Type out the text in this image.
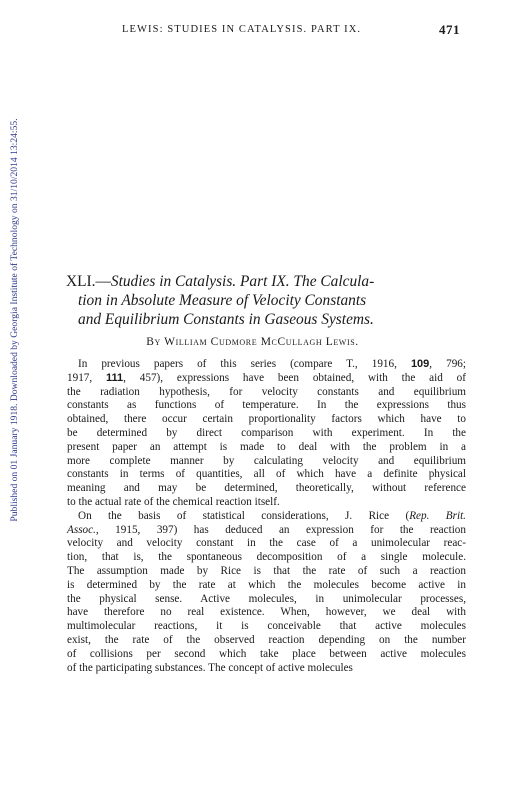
Published on 01 January 1918. Downloaded by Georgia Institute of Technology on 31/10/2014 13:24:55.
LEWIS: STUDIES IN CATALYSIS. PART IX.	471

XLI.—Studies in Catalysis. Part IX. The Calcula-

tion in Absolute Measure of Velocity Constants

and Equilibrium Constants in Gaseous Systems.

By William Cudmore McCullagh Lewis.
In previous papers of this series (compare T., 1916, 109, 796;
1917, 111, 457), expressions have been obtained, with the aid of
the radiation hypothesis, for velocity constants and equilibrium
constants as functions of temperature. In the expressions thus
obtained, there occur certain proportionality factors which have to
be determined by direct comparison with experiment. In the
present paper an attempt is made to deal with the problem in a
more complete manner by calculating velocity and equilibrium
constants in terms of quantities, all of which have a definite physical
meaning and may be determined, theoretically, without reference
to the actual rate of the chemical reaction itself.
On the basis of statistical considerations, J. Rice (Rep. Brit.
Assoc., 1915, 397) has deduced an expression for the reaction
velocity and velocity constant in the case of a unimolecular reac-
tion, that is, the spontaneous decomposition of a single molecule.
The assumption made by Rice is that the rate of such a reaction
is determined by the rate at which the molecules become active in
the physical sense. Active molecules, in unimolecular processes,
have therefore no real existence. When, however, we deal with
multimolecular reactions, it is conceivable that active molecules
exist, the rate of the observed reaction depending on the number
of collisions per second which take place between active molecules
of the participating substances. The concept of active molecules
